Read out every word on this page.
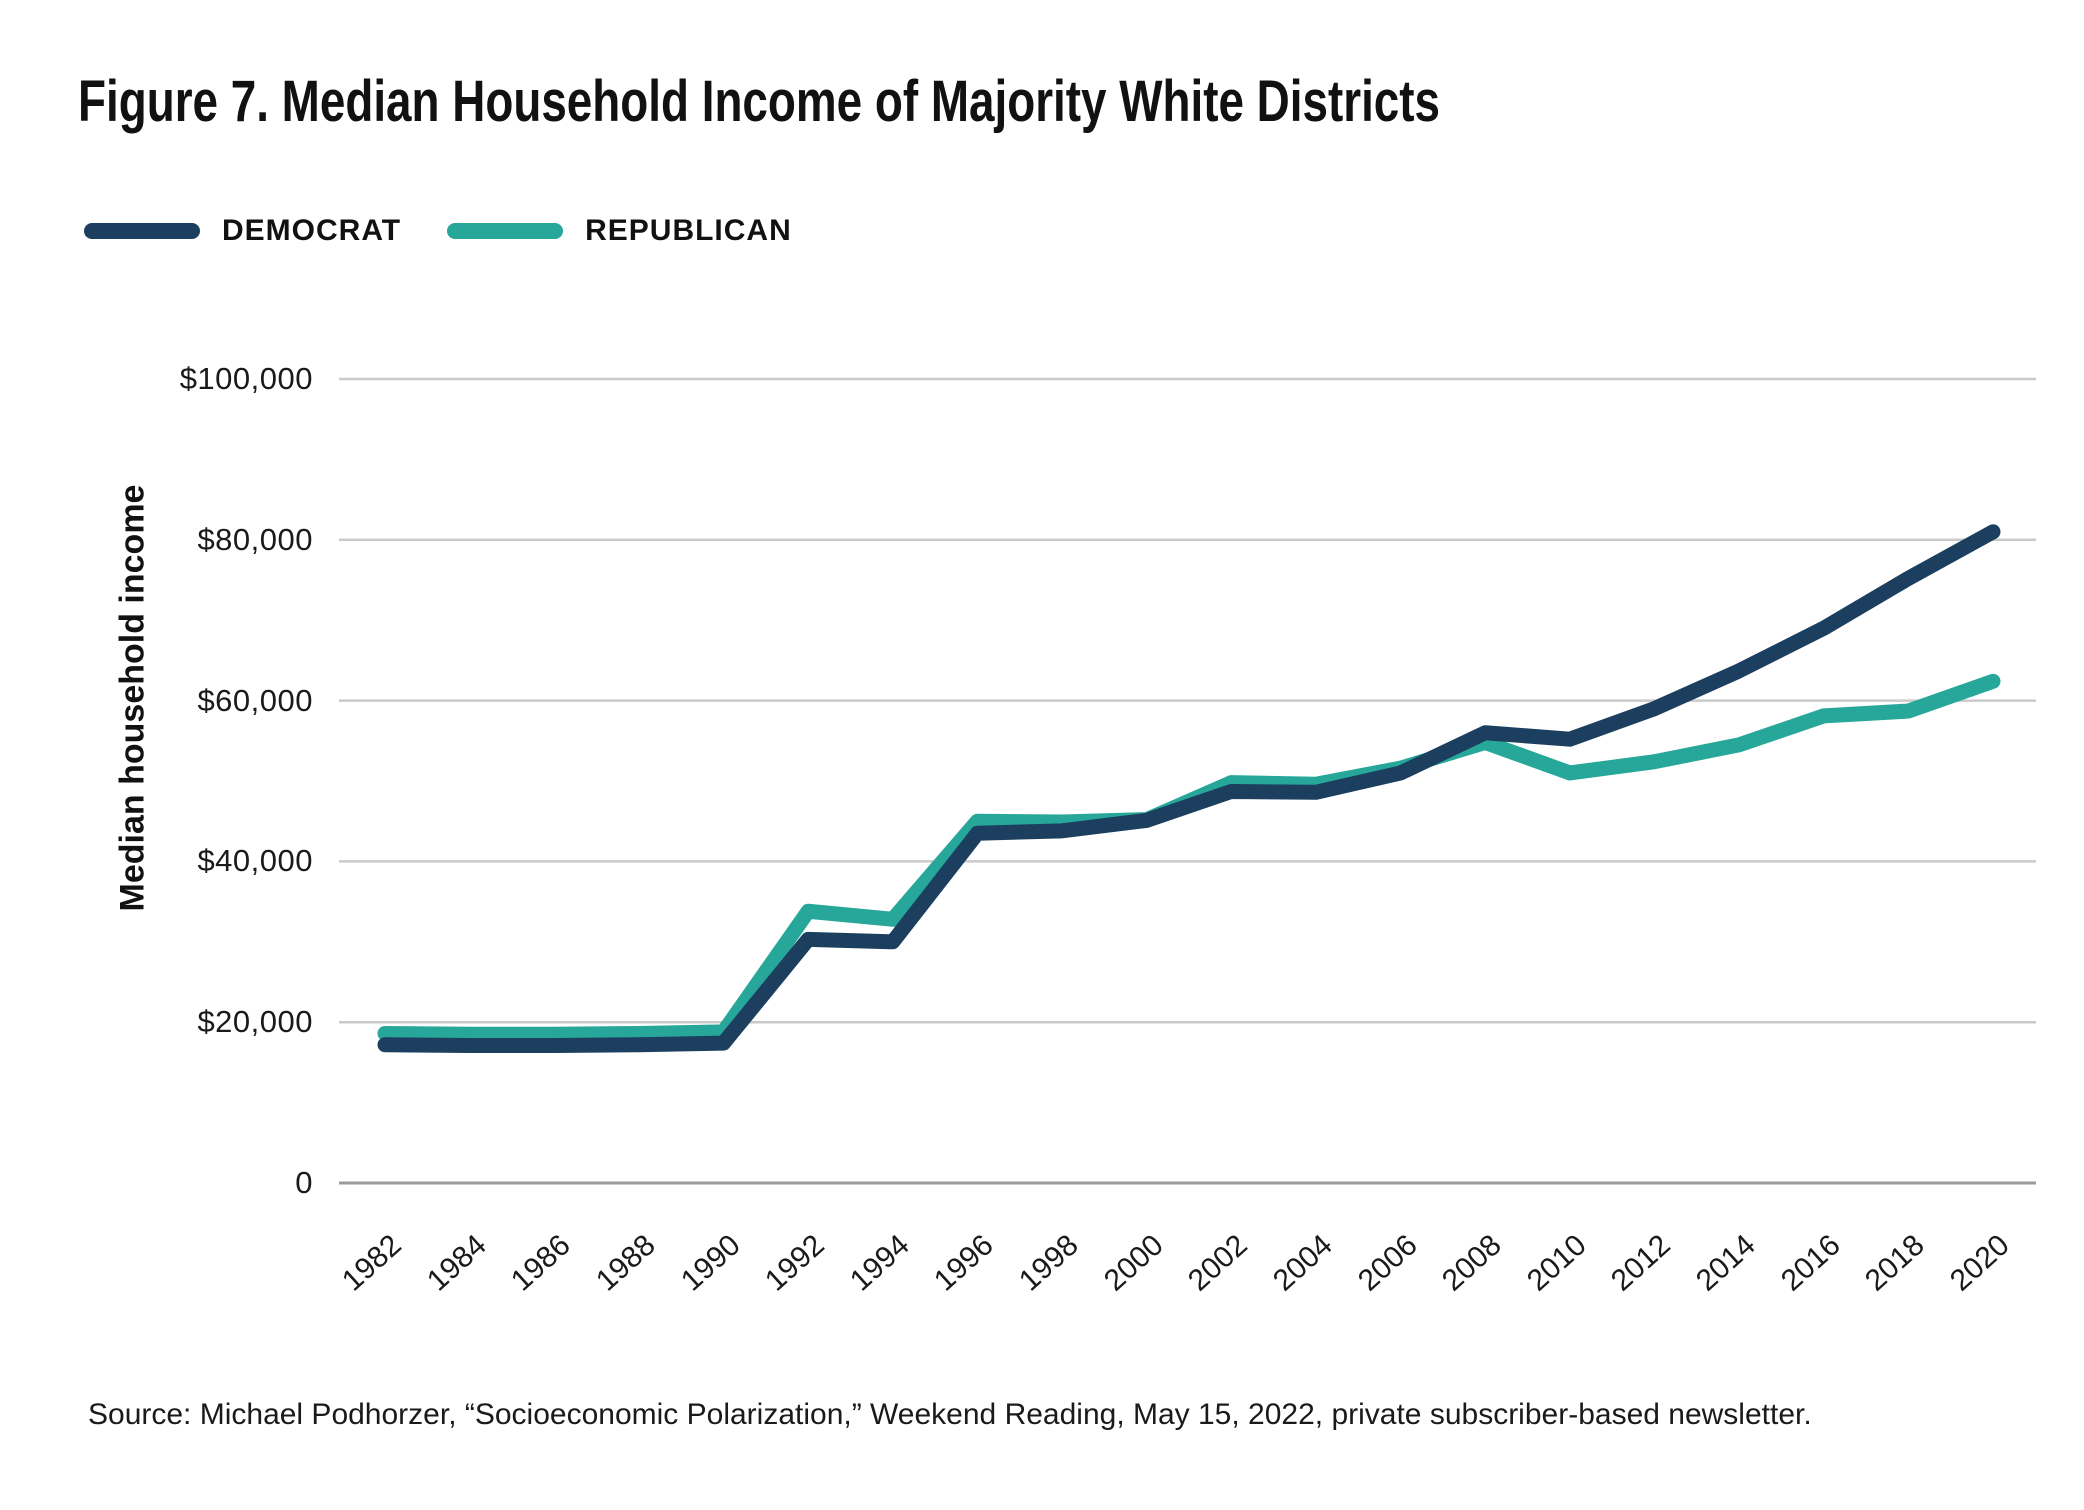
Figure 7. Median Household Income of Majority White Districts
DEMOCRAT	REPUBLICAN
Median household income
0
$20,000
$40,000
$60,000
$80,000
$100,000
1982 1984 1986 1988 1990 1992 1994 1996 1998 2000 2002 2004 2006 2008 2010 2012 2014 2016 2018 2020
Source: Michael Podhorzer, “Socioeconomic Polarization,” Weekend Reading, May 15, 2022, private subscriber-based newsletter.
